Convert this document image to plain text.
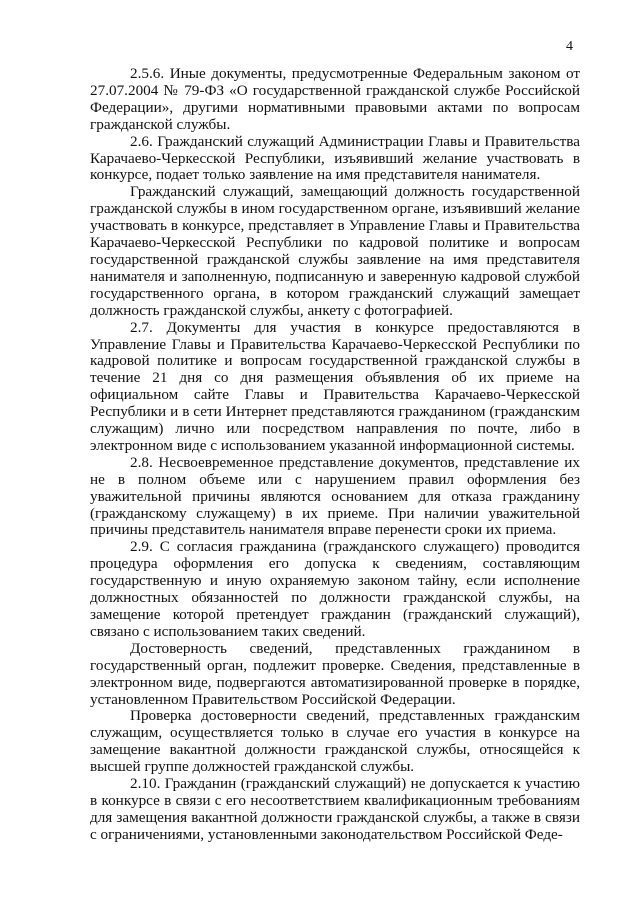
4

2.5.6. Иные документы, предусмотренные Федеральным законом от 27.07.2004 № 79-ФЗ «О государственной гражданской службе Российской Федерации», другими нормативными правовыми актами по вопросам гражданской службы.

2.6. Гражданский служащий Администрации Главы и Правительства Карачаево-Черкесской Республики, изъявивший желание участвовать в конкурсе, подает только заявление на имя представителя нанимателя.

Гражданский служащий, замещающий должность государственной гражданской службы в ином государственном органе, изъявивший желание участвовать в конкурсе, представляет в Управление Главы и Правительства Карачаево-Черкесской Республики по кадровой политике и вопросам государственной гражданской службы заявление на имя представителя нанимателя и заполненную, подписанную и заверенную кадровой службой государственного органа, в котором гражданский служащий замещает должность гражданской службы, анкету с фотографией.

2.7. Документы для участия в конкурсе предоставляются в Управление Главы и Правительства Карачаево-Черкесской Республики по кадровой политике и вопросам государственной гражданской службы в течение 21 дня со дня размещения объявления об их приеме на официальном сайте Главы и Правительства Карачаево-Черкесской Республики и в сети Интернет представляются гражданином (гражданским служащим) лично или посредством направления по почте, либо в электронном виде с использованием указанной информационной системы.

2.8. Несвоевременное представление документов, представление их не в полном объеме или с нарушением правил оформления без уважительной причины являются основанием для отказа гражданину (гражданскому служащему) в их приеме. При наличии уважительной причины представитель нанимателя вправе перенести сроки их приема.

2.9. С согласия гражданина (гражданского служащего) проводится процедура оформления его допуска к сведениям, составляющим государственную и иную охраняемую законом тайну, если исполнение должностных обязанностей по должности гражданской службы, на замещение которой претендует гражданин (гражданский служащий), связано с использованием таких сведений.

Достоверность сведений, представленных гражданином в государственный орган, подлежит проверке. Сведения, представленные в электронном виде, подвергаются автоматизированной проверке в порядке, установленном Правительством Российской Федерации.

Проверка достоверности сведений, представленных гражданским служащим, осуществляется только в случае его участия в конкурсе на замещение вакантной должности гражданской службы, относящейся к высшей группе должностей гражданской службы.

2.10. Гражданин (гражданский служащий) не допускается к участию в конкурсе в связи с его несоответствием квалификационным требованиям для замещения вакантной должности гражданской службы, а также в связи с ограничениями, установленными законодательством Российской Феде-
